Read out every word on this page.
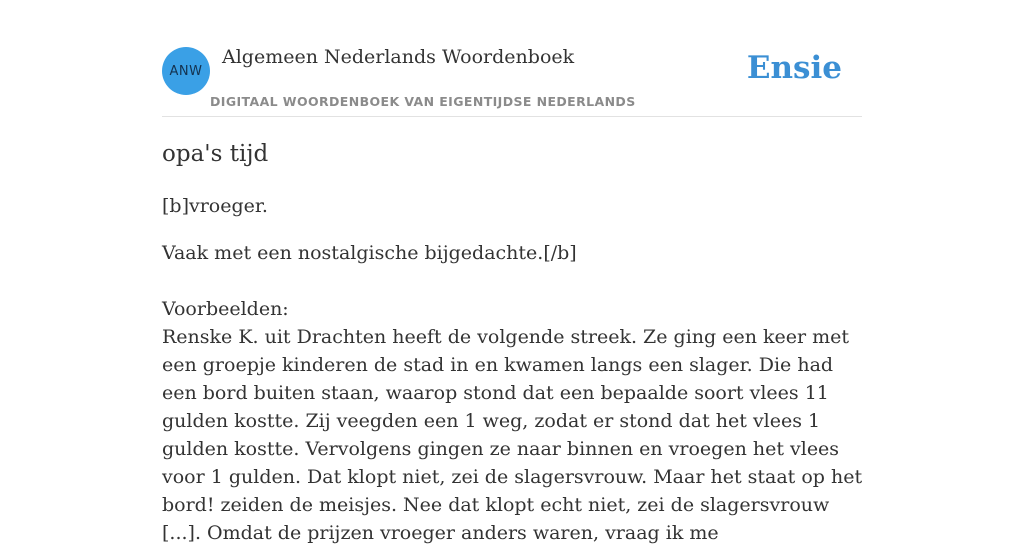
ANW
Algemeen Nederlands Woordenboek
DIGITAAL WOORDENBOEK VAN EIGENTIJDSE NEDERLANDS
Ensie
opa's tijd

[b]vroeger.

Vaak met een nostalgische bijgedachte.[/b]

Voorbeelden:

Renske K. uit Drachten heeft de volgende streek. Ze ging een keer met een groepje kinderen de stad in en kwamen langs een slager. Die had een bord buiten staan, waarop stond dat een bepaalde soort vlees 11 gulden kostte. Zij veegden een 1 weg, zodat er stond dat het vlees 1 gulden kostte. Vervolgens gingen ze naar binnen en vroegen het vlees voor 1 gulden. Dat klopt niet, zei de slagersvrouw. Maar het staat op het bord! zeiden de meisjes. Nee dat klopt echt niet, zei de slagersvrouw [...]. Omdat de prijzen vroeger anders waren, vraag ik me
